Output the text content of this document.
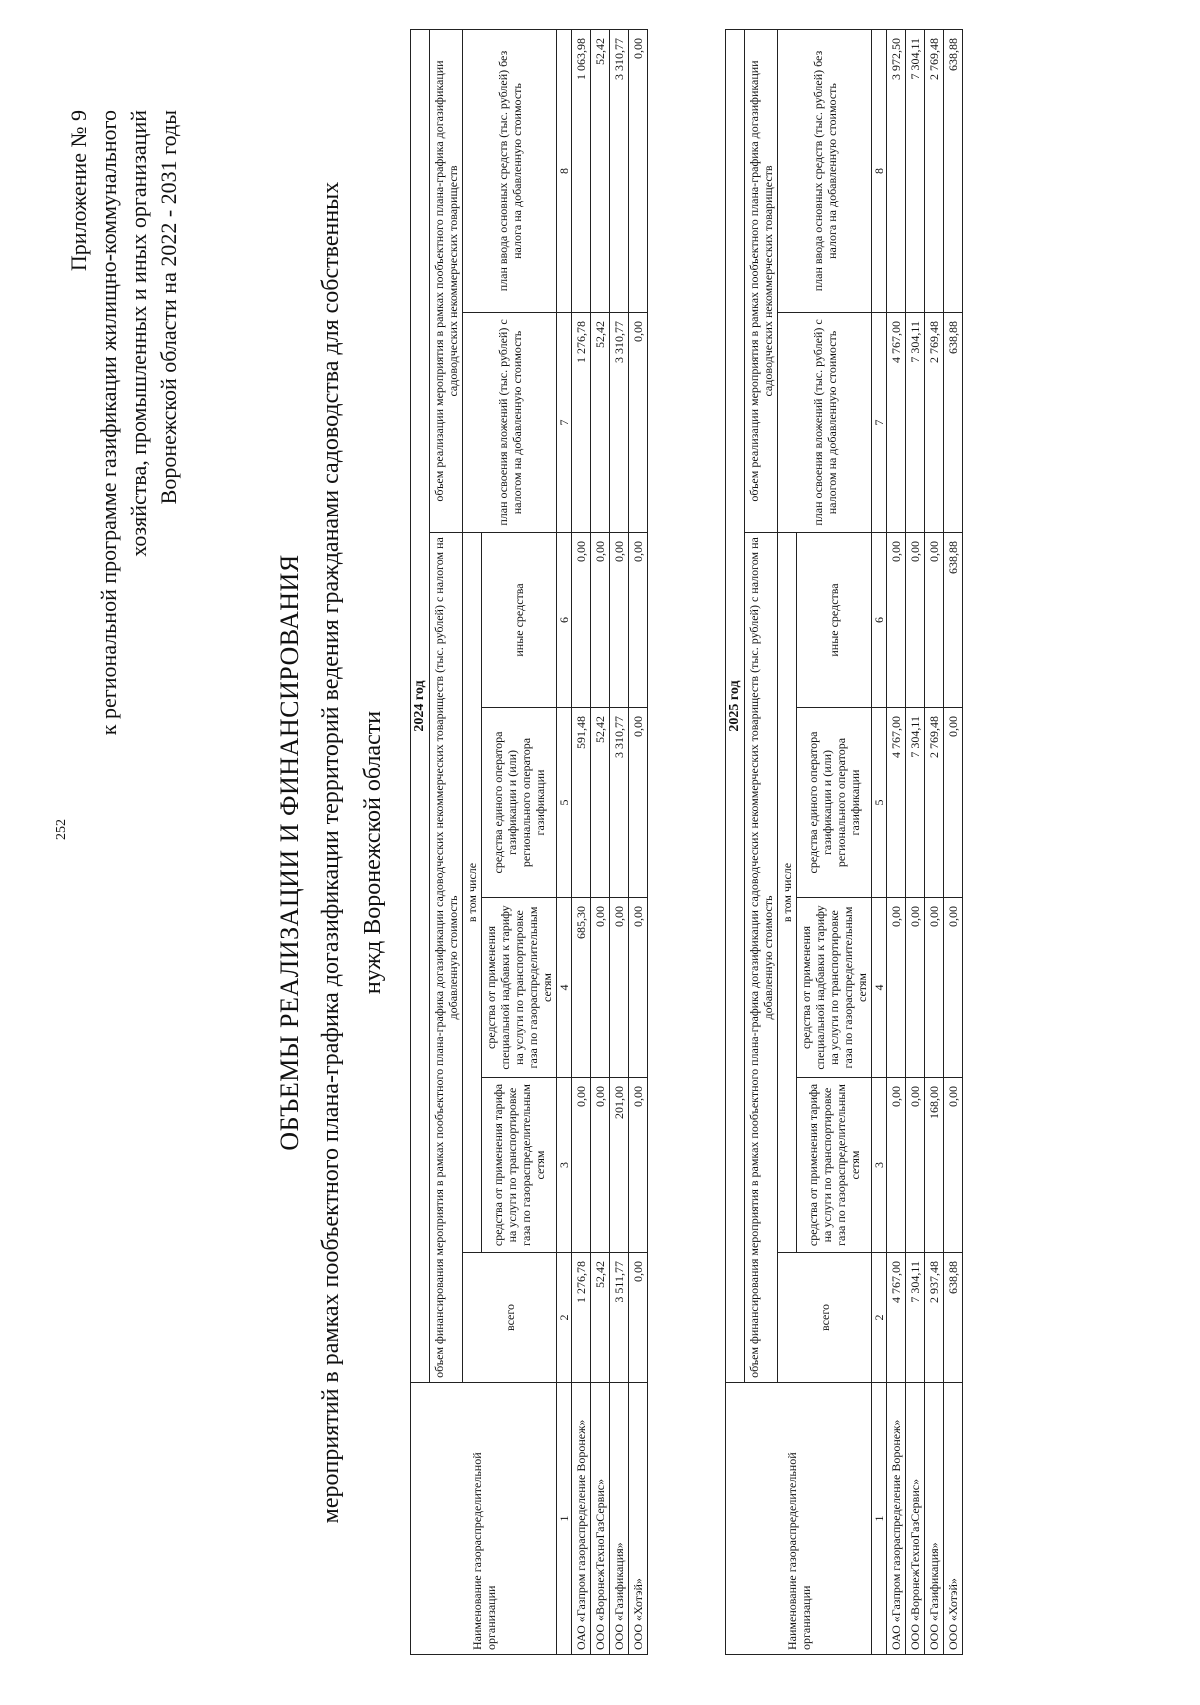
252
Приложение № 9 к региональной программе газификации жилищно-коммунального хозяйства, промышленных и иных организаций Воронежской области на 2022 - 2031 годы
ОБЪЕМЫ РЕАЛИЗАЦИИ И ФИНАНСИРОВАНИЯ мероприятий в рамках пообъектного плана-графика догазификации территорий ведения гражданами садоводства для собственных нужд Воронежской области
Наименование газораспределительной организации	2024 год						
	объем финансирования мероприятия в рамках пообъектного плана-графика догазификации садоводческих некоммерческих товариществ (тыс. рублей) с налогом на добавленную стоимость					объем реализации мероприятия в рамках пообъектного плана-графика догазификации садоводческих некоммерческих товариществ	
	всего	в том числе				план освоения вложений (тыс. рублей) с налогом на добавленную стоимость	план ввода основных средств (тыс. рублей) без налога на добавленную стоимость
		средства от применения тарифа на услуги по транспортировке газа по газораспределительным сетям	средства от применения специальной надбавки к тарифу на услуги по транспортировке газа по газораспределительным сетям	средства единого оператора газификации и (или) регионального оператора газификации	иные средства		
1	2	3	4	5	6	7	8
ОАО «Газпром газораспределение Воронеж»	1 276,78	0,00	685,30	591,48	0,00	1 276,78	1 063,98
ООО «ВоронежТехноГазСервис»	52,42	0,00	0,00	52,42	0,00	52,42	52,42
ООО «Газификация»	3 511,77	201,00	0,00	3 310,77	0,00	3 310,77	3 310,77
ООО «Хотэй»	0,00	0,00	0,00	0,00	0,00	0,00	0,00
Наименование газораспределительной организации	2025 год						
	объем финансирования мероприятия в рамках пообъектного плана-графика догазификации садоводческих некоммерческих товариществ (тыс. рублей) с налогом на добавленную стоимость					объем реализации мероприятия в рамках пообъектного плана-графика догазификации садоводческих некоммерческих товариществ	
	всего	в том числе				план освоения вложений (тыс. рублей) с налогом на добавленную стоимость	план ввода основных средств (тыс. рублей) без налога на добавленную стоимость
		средства от применения тарифа на услуги по транспортировке газа по газораспределительным сетям	средства от применения специальной надбавки к тарифу на услуги по транспортировке газа по газораспределительным сетям	средства единого оператора газификации и (или) регионального оператора газификации	иные средства		
1	2	3	4	5	6	7	8
ОАО «Газпром газораспределение Воронеж»	4 767,00	0,00	0,00	4 767,00	0,00	4 767,00	3 972,50
ООО «ВоронежТехноГазСервис»	7 304,11	0,00	0,00	7 304,11	0,00	7 304,11	7 304,11
ООО «Газификация»	2 937,48	168,00	0,00	2 769,48	0,00	2 769,48	2 769,48
ООО «Хотэй»	638,88	0,00	0,00	0,00	638,88	638,88	638,88
